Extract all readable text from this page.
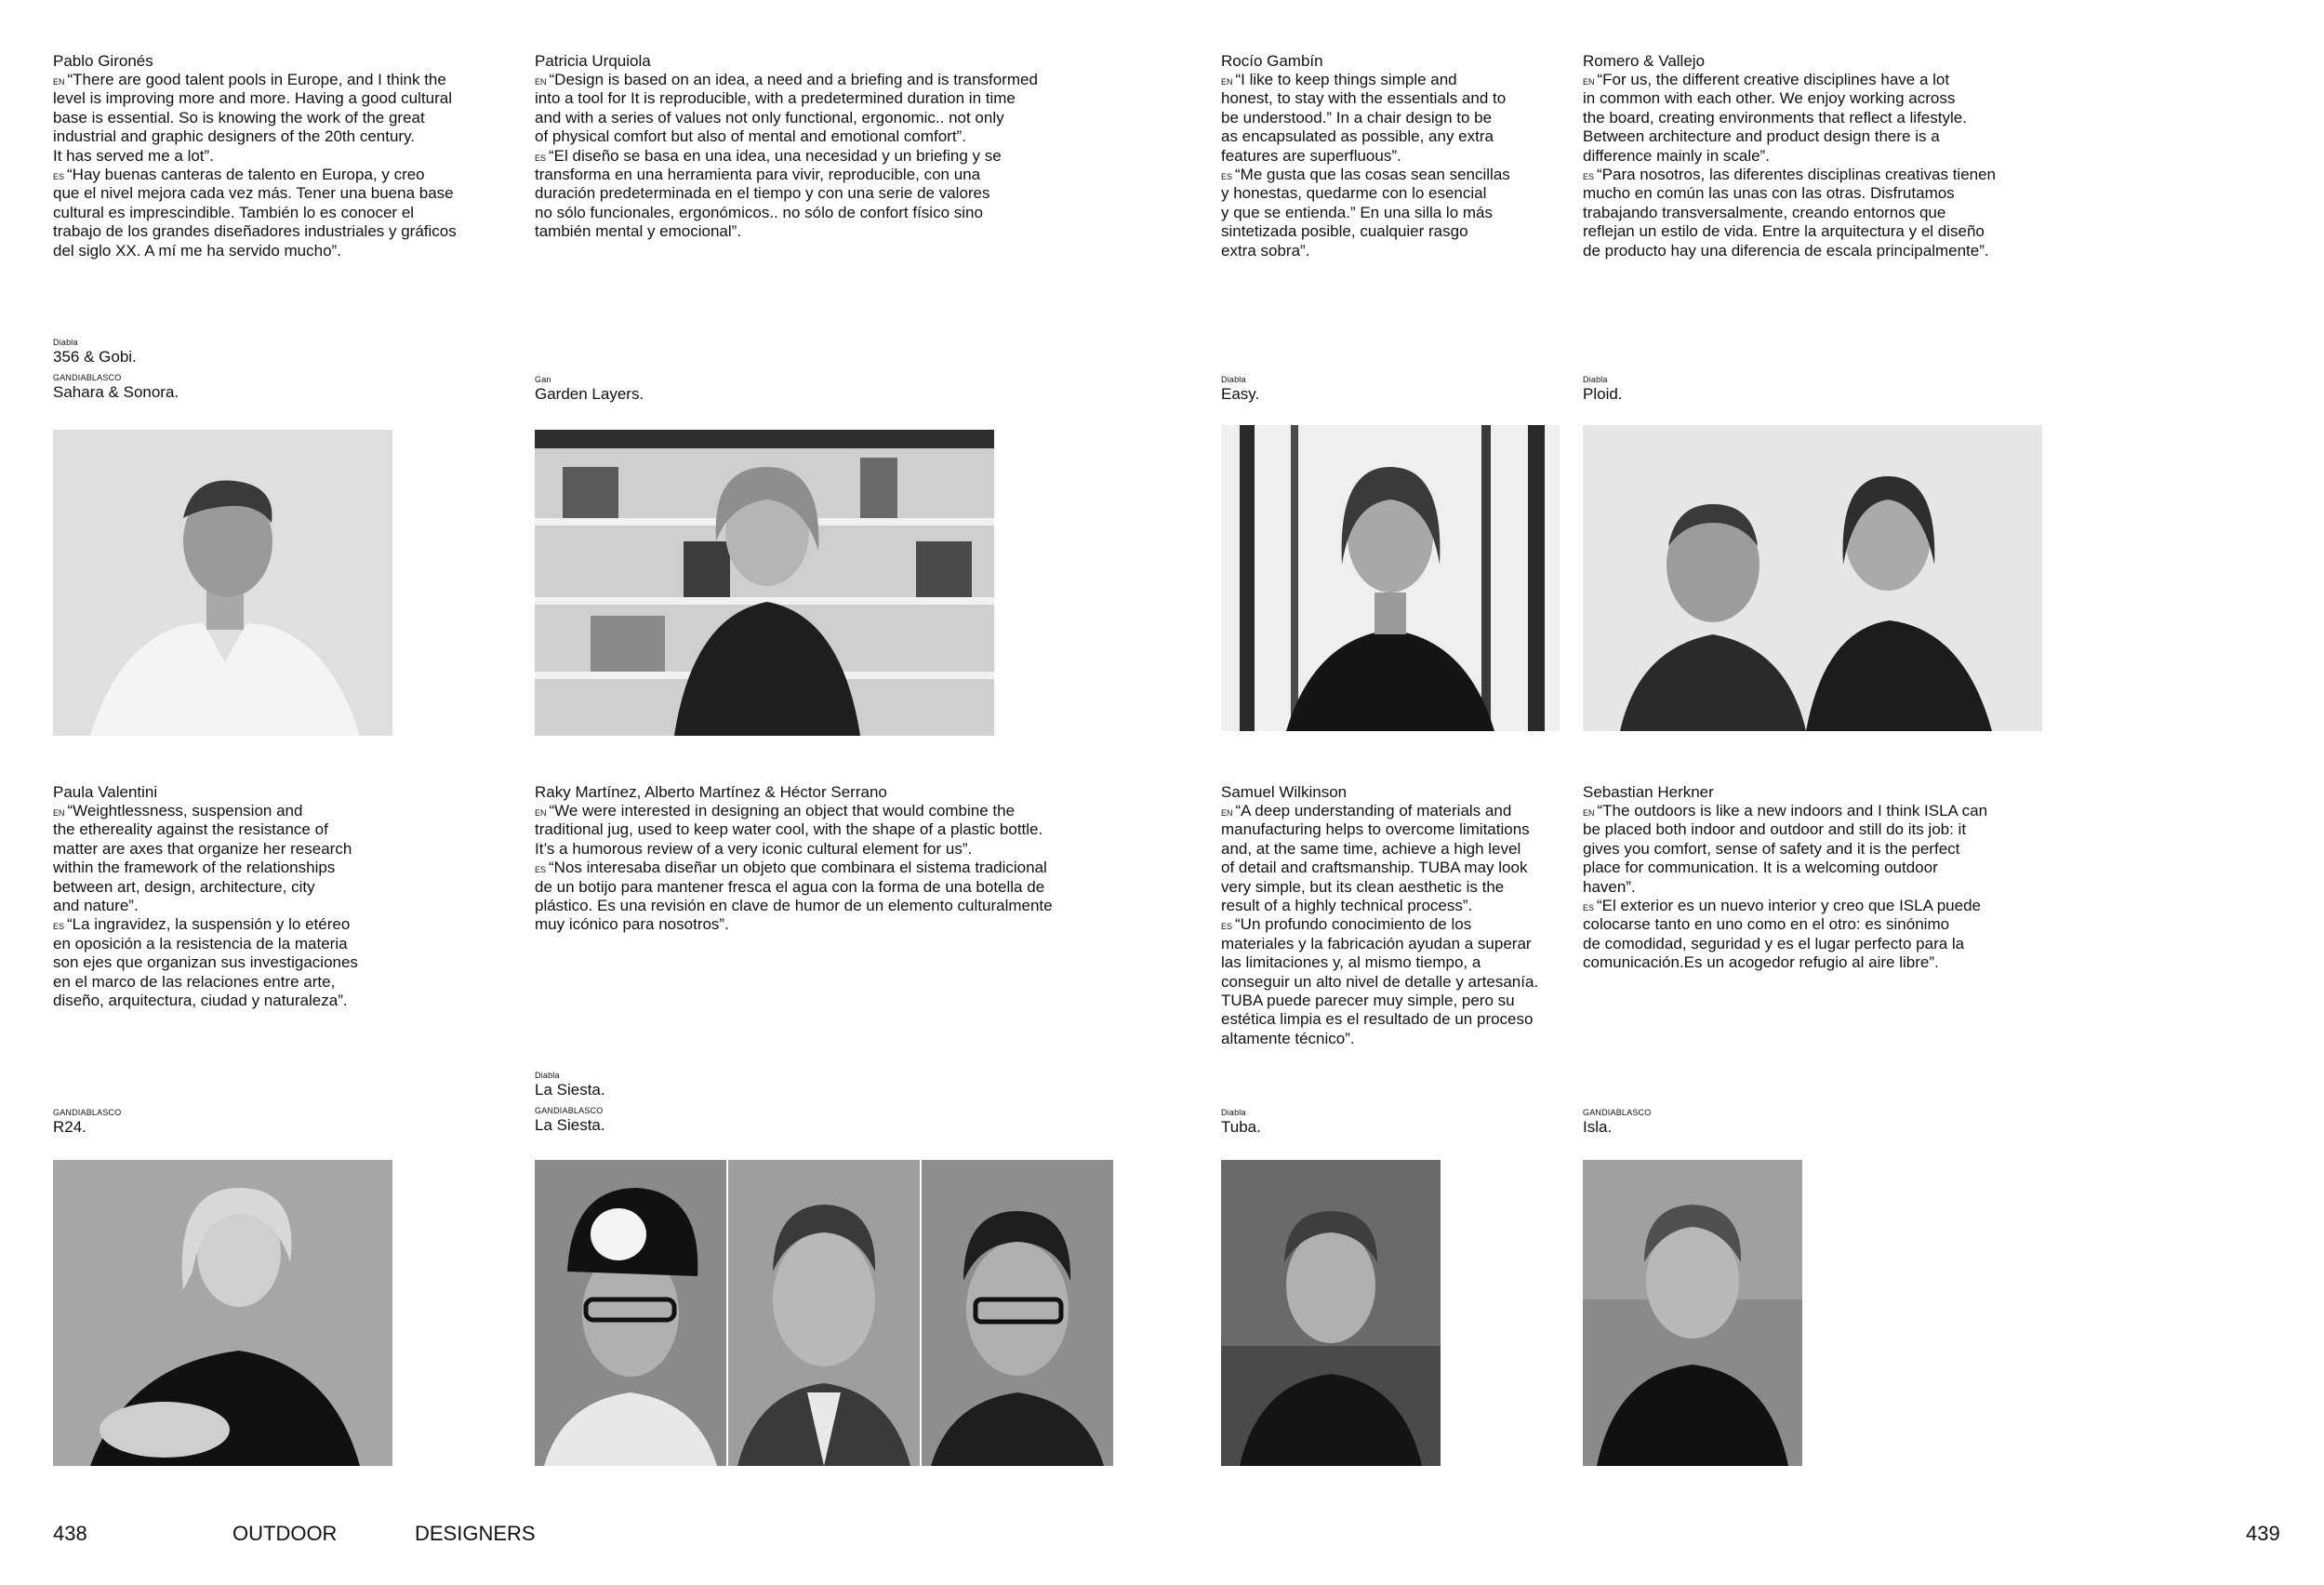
Pablo Gironés

$^{EN}$ “There are good talent pools in Europe, and I think the
level is improving more and more. Having a good cultural
base is essential. So is knowing the work of the great
industrial and graphic designers of the 20th century.
It has served me a lot”.

$^{ES}$ “Hay buenas canteras de talento en Europa, y creo
que el nivel mejora cada vez más. Tener una buena base
cultural es imprescindible. También lo es conocer el
trabajo de los grandes diseñadores industriales y gráficos
del siglo XX. A mí me ha servido mucho”.

Patricia Urquiola

$^{EN}$ “Design is based on an idea, a need and a briefing and is transformed
into a tool for It is reproducible, with a predetermined duration in time
and with a series of values not only functional, ergonomic.. not only
of physical comfort but also of mental and emotional comfort”.

$^{ES}$ “El diseño se basa en una idea, una necesidad y un briefing y se
transforma en una herramienta para vivir, reproducible, con una
duración predeterminada en el tiempo y con una serie de valores
no sólo funcionales, ergonómicos.. no sólo de confort físico sino
también mental y emocional”.

Rocío Gambín

$^{EN}$ “I like to keep things simple and
honest, to stay with the essentials and to
be understood.” In a chair design to be
as encapsulated as possible, any extra
features are superfluous”.

$^{ES}$ “Me gusta que las cosas sean sencillas
y honestas, quedarme con lo esencial
y que se entienda.” En una silla lo más
sintetizada posible, cualquier rasgo
extra sobra”.

Romero & Vallejo

$^{EN}$ “For us, the different creative disciplines have a lot
in common with each other. We enjoy working across
the board, creating environments that reflect a lifestyle.
Between architecture and product design there is a
difference mainly in scale”.

$^{ES}$ “Para nosotros, las diferentes disciplinas creativas tienen
mucho en común las unas con las otras. Disfrutamos
trabajando transversalmente, creando entornos que
reflejan un estilo de vida. Entre la arquitectura y el diseño
de producto hay una diferencia de escala principalmente”.

Diabla

356 & Gobi.

GANDIABLASCO

Sahara & Sonora.

Gan

Garden Layers.

Diabla

Easy.

Diabla

Ploid.

Paula Valentini

$^{EN}$ “Weightlessness, suspension and
the ethereality against the resistance of
matter are axes that organize her research
within the framework of the relationships
between art, design, architecture, city
and nature”.

$^{ES}$ “La ingravidez, la suspensión y lo etéreo
en oposición a la resistencia de la materia
son ejes que organizan sus investigaciones
en el marco de las relaciones entre arte,
diseño, arquitectura, ciudad y naturaleza”.

Raky Martínez, Alberto Martínez & Héctor Serrano

$^{EN}$ “We were interested in designing an object that would combine the
traditional jug, used to keep water cool, with the shape of a plastic bottle.
It’s a humorous review of a very iconic cultural element for us”.

$^{ES}$ “Nos interesaba diseñar un objeto que combinara el sistema tradicional
de un botijo para mantener fresca el agua con la forma de una botella de
plástico. Es una revisión en clave de humor de un elemento culturalmente
muy icónico para nosotros”.

Samuel Wilkinson

$^{EN}$ “A deep understanding of materials and
manufacturing helps to overcome limitations
and, at the same time, achieve a high level
of detail and craftsmanship. TUBA may look
very simple, but its clean aesthetic is the
result of a highly technical process”.

$^{ES}$ “Un profundo conocimiento de los
materiales y la fabricación ayudan a superar
las limitaciones y, al mismo tiempo, a
conseguir un alto nivel de detalle y artesanía.
TUBA puede parecer muy simple, pero su
estética limpia es el resultado de un proceso
altamente técnico”.

Sebastian Herkner

$^{EN}$ “The outdoors is like a new indoors and I think ISLA can
be placed both indoor and outdoor and still do its job: it
gives you comfort, sense of safety and it is the perfect
place for communication. It is a welcoming outdoor
haven”.

$^{ES}$ “El exterior es un nuevo interior y creo que ISLA puede
colocarse tanto en uno como en el otro: es sinónimo
de comodidad, seguridad y es el lugar perfecto para la
comunicación.Es un acogedor refugio al aire libre”.

GANDIABLASCO

R24.

Diabla

La Siesta.

GANDIABLASCO

La Siesta.

Diabla

Tuba.

GANDIABLASCO

Isla.

438	OUTDOOR	DESIGNERS	439
